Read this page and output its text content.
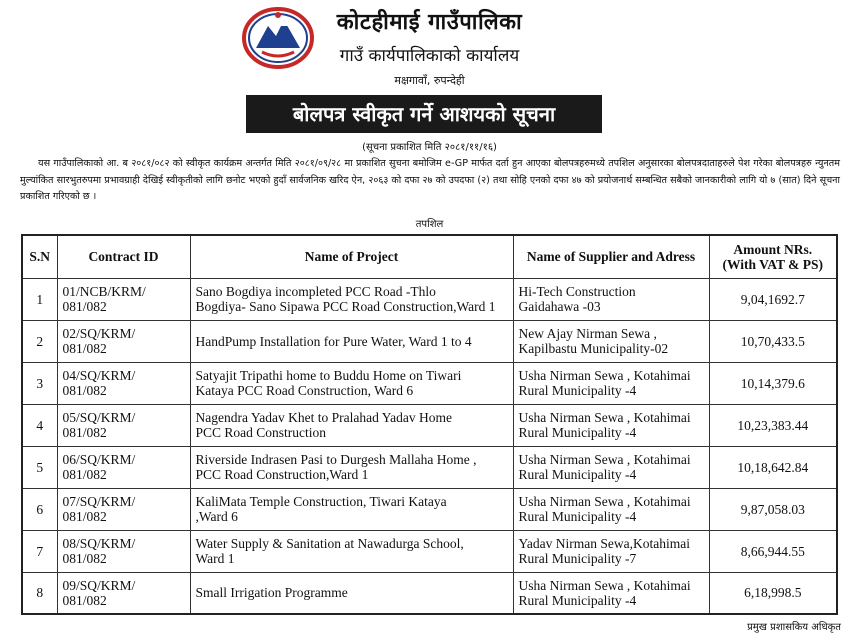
कोटहीमाई गाउँपालिका
गाउँ कार्यपालिकाको कार्यालय
मक्षगावाँ, रुपन्देही
बोलपत्र स्वीकृत गर्ने आशयको सूचना
(सूचना प्रकाशित मिति २०८१/११/१६)
यस गाउँपालिकाको आ. ब २०८१/०८२ को स्वीकृत कार्यक्रम अन्तर्गत मिति २०८१/०९/२८ मा प्रकाशित सुचना बमोजिम e-GP मार्फत दर्ता हुन आएका बोलपत्रहरुमध्ये तपशिल अनुसारका बोलपत्रदाताहरुले पेश गरेका बोलपत्रहरु न्युनतम मुल्यांकित सारभुतरुपमा प्रभावग्राही देखिई स्वीकृतीको लागि छनोट भएको हुदाँ सार्वजनिक खरिद ऐन, २०६३ को दफा २७ को उपदफा (२) तथा सोहि एनको दफा ४७ को प्रयोजनार्थ सम्बन्धित सबैको जानकारीको लागि यो ७ (सात) दिने सूचना प्रकाशित गरिएको छ ।
तपशिल
S.N	Contract ID	Name of Project	Name of Supplier and Adress	Amount NRs.
(With VAT & PS)
1	01/NCB/KRM/
081/082	Sano Bogdiya incompleted PCC Road -Thlo
Bogdiya- Sano Sipawa PCC Road Construction,Ward 1	Hi-Tech Construction
Gaidahawa -03	9,04,1692.7
2	02/SQ/KRM/
081/082	HandPump Installation for Pure Water, Ward 1 to 4	New Ajay Nirman Sewa ,
Kapilbastu Municipality-02	10,70,433.5
3	04/SQ/KRM/
081/082	Satyajit Tripathi home to Buddu Home on Tiwari
Kataya PCC Road Construction, Ward 6	Usha Nirman Sewa , Kotahimai
Rural Municipality -4	10,14,379.6
4	05/SQ/KRM/
081/082	Nagendra Yadav Khet to Pralahad Yadav Home
PCC Road Construction	Usha Nirman Sewa , Kotahimai
Rural Municipality -4	10,23,383.44
5	06/SQ/KRM/
081/082	Riverside Indrasen Pasi to Durgesh Mallaha Home ,
PCC Road Construction,Ward 1	Usha Nirman Sewa , Kotahimai
Rural Municipality -4	10,18,642.84
6	07/SQ/KRM/
081/082	KaliMata Temple Construction, Tiwari Kataya
,Ward 6	Usha Nirman Sewa , Kotahimai
Rural Municipality -4	9,87,058.03
7	08/SQ/KRM/
081/082	Water Supply & Sanitation at Nawadurga School,
Ward 1	Yadav Nirman Sewa,Kotahimai
Rural Municipality -7	8,66,944.55
8	09/SQ/KRM/
081/082	Small Irrigation Programme	Usha Nirman Sewa , Kotahimai
Rural Municipality -4	6,18,998.5
प्रमुख प्रशासकिय अधिकृत
